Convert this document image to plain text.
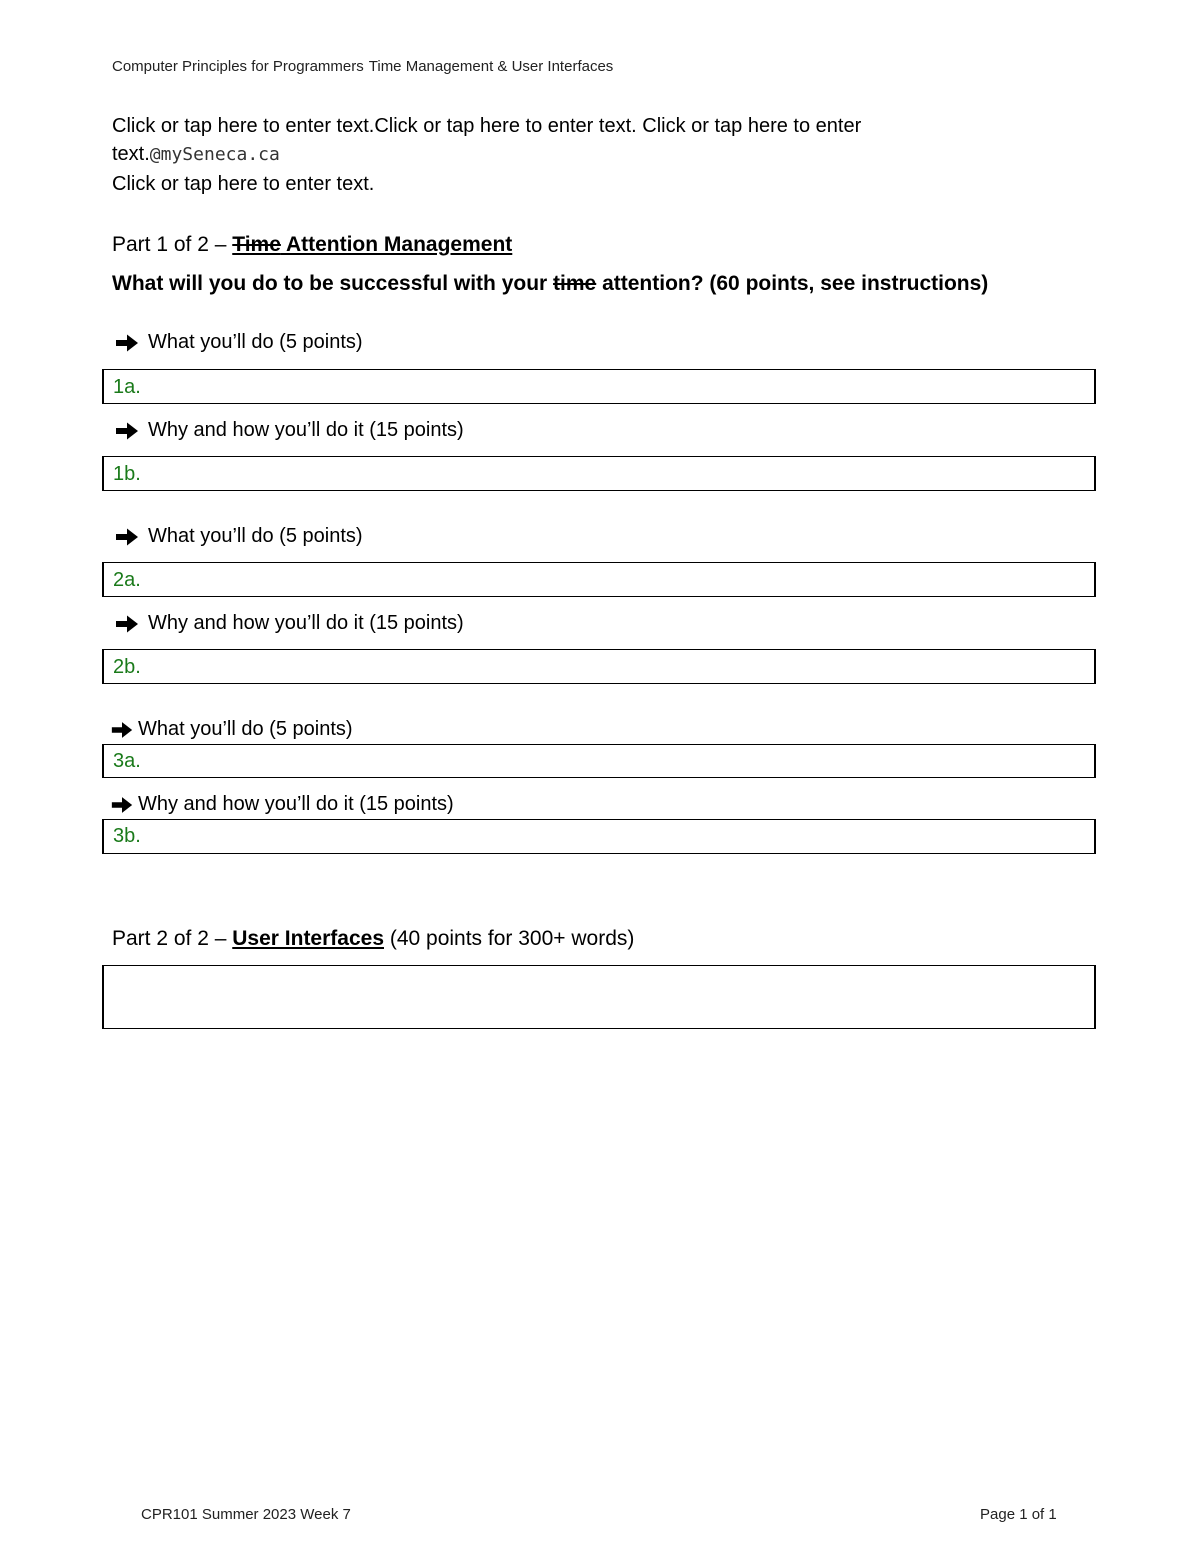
Computer Principles for Programmers Time Management & User Interfaces
Click or tap here to enter text.Click or tap here to enter text. Click or tap here to enter
text.@mySeneca.ca
Click or tap here to enter text.
Part 1 of 2 – Time Attention Management
What will you do to be successful with your time attention? (60 points, see instructions)
What you’ll do (5 points)
1a.
Why and how you’ll do it (15 points)
1b.
What you’ll do (5 points)
2a.
Why and how you’ll do it (15 points)
2b.
What you’ll do (5 points)
3a.
Why and how you’ll do it (15 points)
3b.
Part 2 of 2 – User Interfaces (40 points for 300+ words)
CPR101 Summer 2023 Week 7	Page 1 of 1
